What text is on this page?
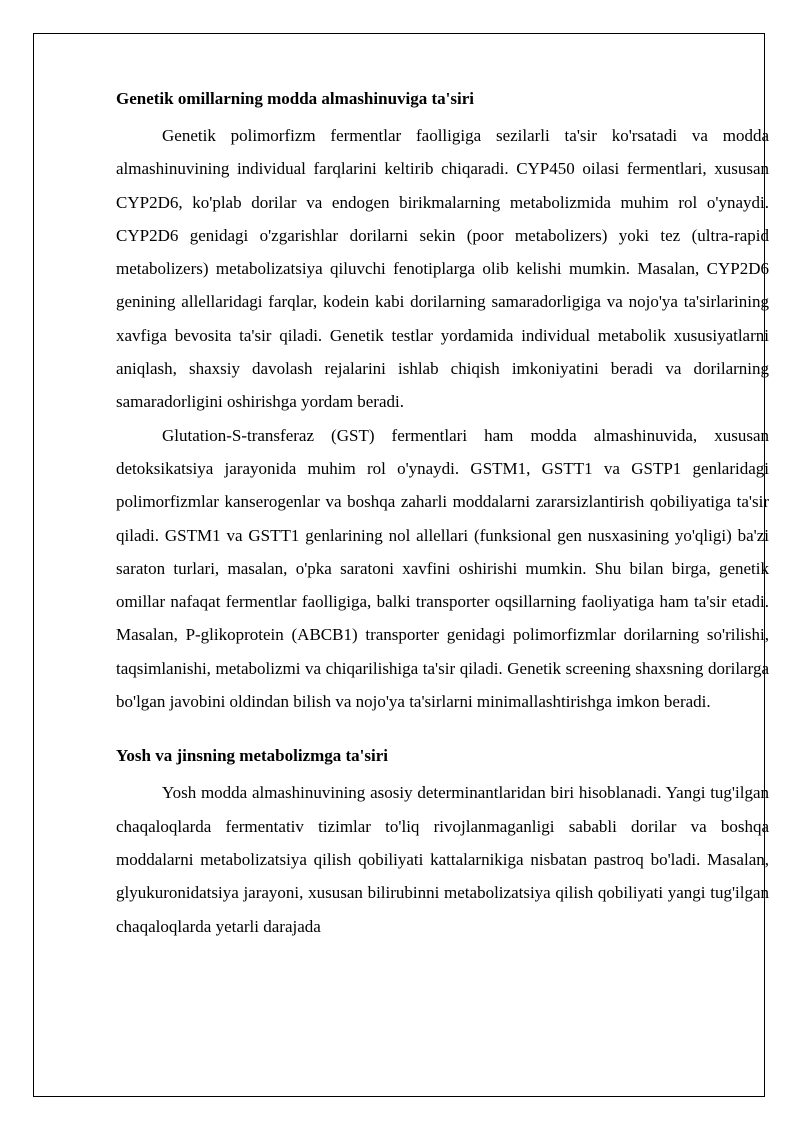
Genetik omillarning modda almashinuviga ta'siri

Genetik polimorfizm fermentlar faolligiga sezilarli ta'sir ko'rsatadi va modda almashinuvining individual farqlarini keltirib chiqaradi. CYP450 oilasi fermentlari, xususan CYP2D6, ko'plab dorilar va endogen birikmalarning metabolizmida muhim rol o'ynaydi. CYP2D6 genidagi o'zgarishlar dorilarni sekin (poor metabolizers) yoki tez (ultra-rapid metabolizers) metabolizatsiya qiluvchi fenotiplarga olib kelishi mumkin. Masalan, CYP2D6 genining allellaridagi farqlar, kodein kabi dorilarning samaradorligiga va nojo'ya ta'sirlarining xavfiga bevosita ta'sir qiladi. Genetik testlar yordamida individual metabolik xususiyatlarni aniqlash, shaxsiy davolash rejalarini ishlab chiqish imkoniyatini beradi va dorilarning samaradorligini oshirishga yordam beradi.

Glutation-S-transferaz (GST) fermentlari ham modda almashinuvida, xususan detoksikatsiya jarayonida muhim rol o'ynaydi. GSTM1, GSTT1 va GSTP1 genlaridagi polimorfizmlar kanserogenlar va boshqa zaharli moddalarni zararsizlantirish qobiliyatiga ta'sir qiladi. GSTM1 va GSTT1 genlarining nol allellari (funksional gen nusxasining yo'qligi) ba'zi saraton turlari, masalan, o'pka saratoni xavfini oshirishi mumkin. Shu bilan birga, genetik omillar nafaqat fermentlar faolligiga, balki transporter oqsillarning faoliyatiga ham ta'sir etadi. Masalan, P-glikoprotein (ABCB1) transporter genidagi polimorfizmlar dorilarning so'rilishi, taqsimlanishi, metabolizmi va chiqarilishiga ta'sir qiladi. Genetik screening shaxsning dorilarga bo'lgan javobini oldindan bilish va nojo'ya ta'sirlarni minimallashtirishga imkon beradi.

Yosh va jinsning metabolizmga ta'siri

Yosh modda almashinuvining asosiy determinantlaridan biri hisoblanadi. Yangi tug'ilgan chaqaloqlarda fermentativ tizimlar to'liq rivojlanmaganligi sababli dorilar va boshqa moddalarni metabolizatsiya qilish qobiliyati kattalarnikiga nisbatan pastroq bo'ladi. Masalan, glyukuronidatsiya jarayoni, xususan bilirubinni metabolizatsiya qilish qobiliyati yangi tug'ilgan chaqaloqlarda yetarli darajada
